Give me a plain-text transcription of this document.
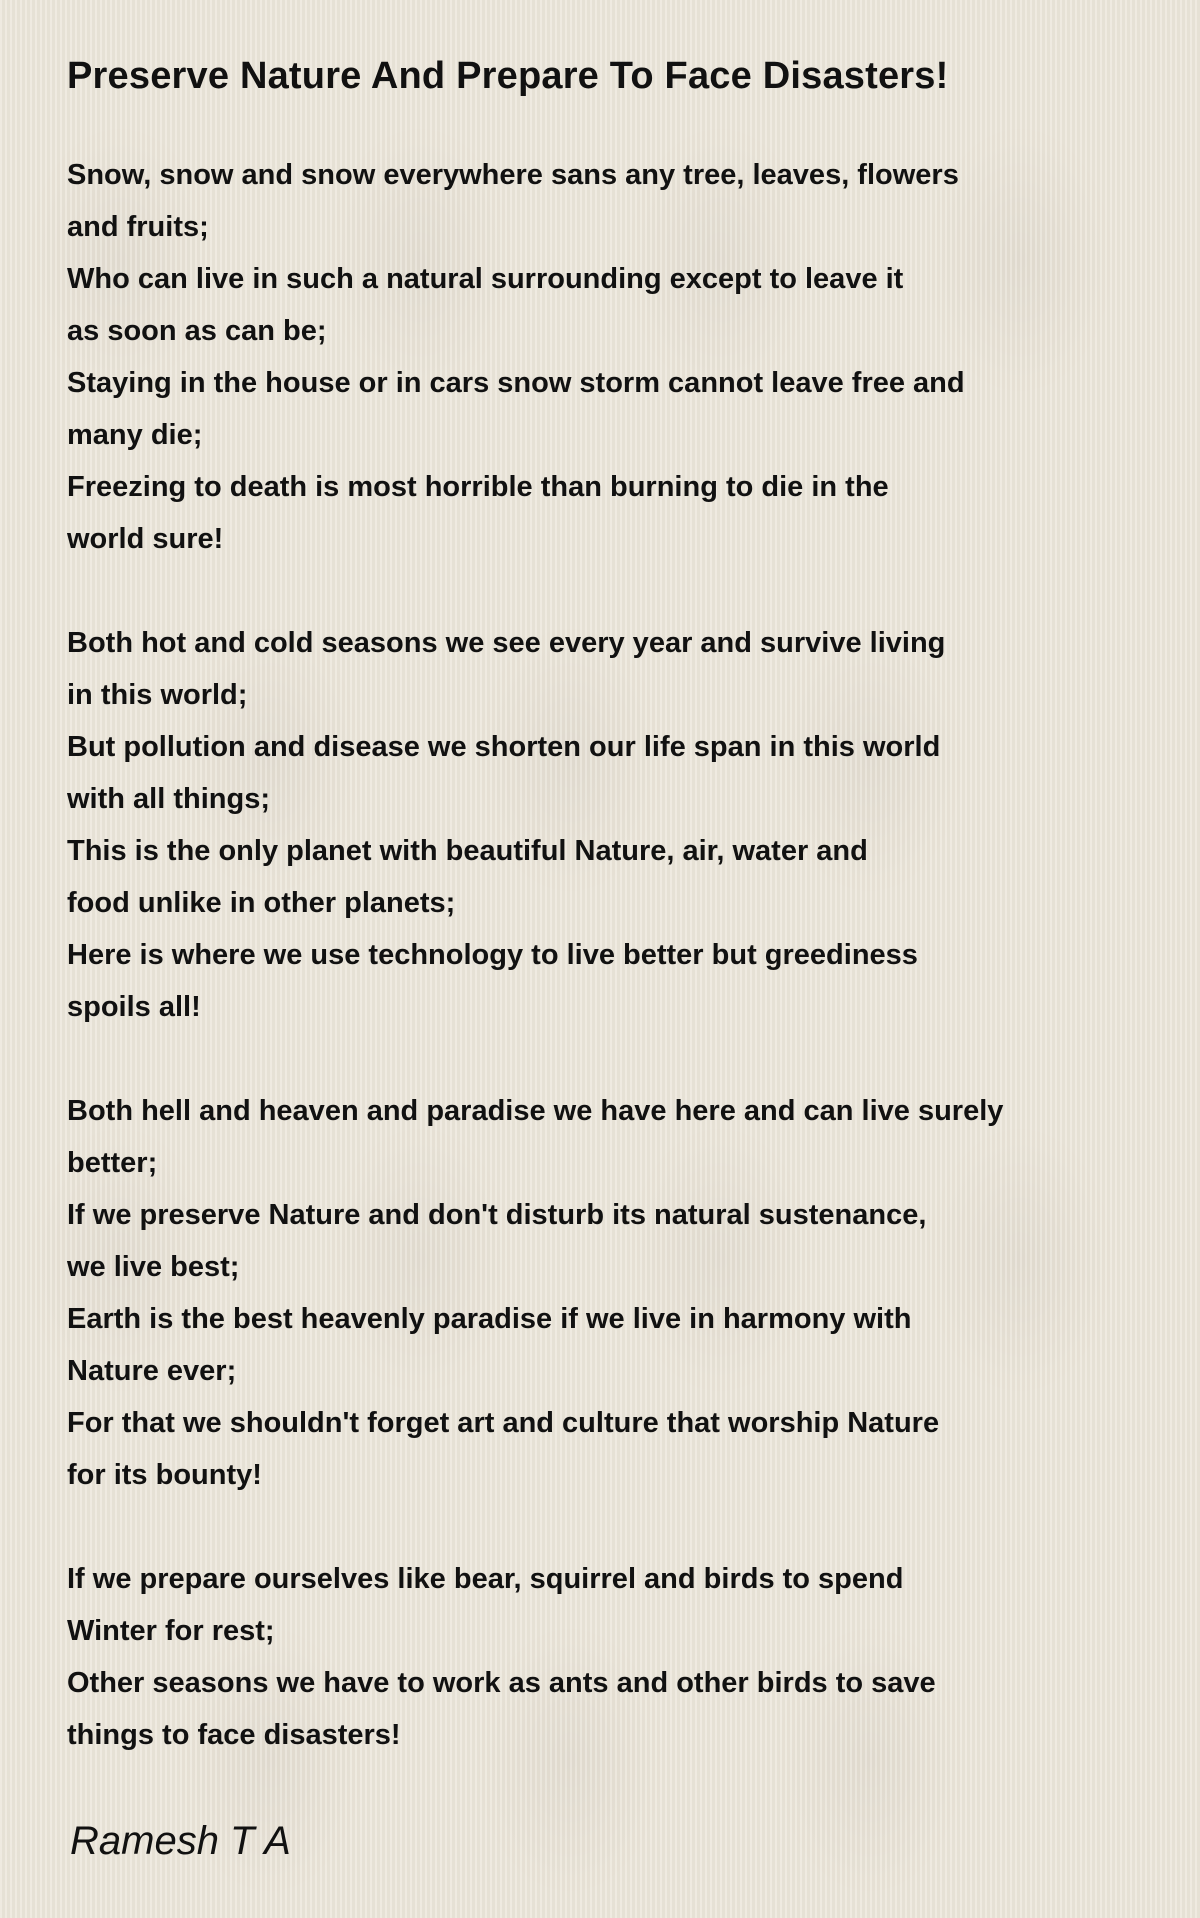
Preserve Nature And Prepare To Face Disasters!
Snow, snow and snow everywhere sans any tree, leaves, flowers
and fruits;
Who can live in such a natural surrounding except to leave it
as soon as can be;
Staying in the house or in cars snow storm cannot leave free and
many die;
Freezing to death is most horrible than burning to die in the
world sure!
Both hot and cold seasons we see every year and survive living
in this world;
But pollution and disease we shorten our life span in this world
with all things;
This is the only planet with beautiful Nature, air, water and
food unlike in other planets;
Here is where we use technology to live better but greediness
spoils all!
Both hell and heaven and paradise we have here and can live surely
better;
If we preserve Nature and don't disturb its natural sustenance,
we live best;
Earth is the best heavenly paradise if we live in harmony with
Nature ever;
For that we shouldn't forget art and culture that worship Nature
for its bounty!
If we prepare ourselves like bear, squirrel and birds to spend
Winter for rest;
Other seasons we have to work as ants and other birds to save
things to face disasters!
Ramesh T A
